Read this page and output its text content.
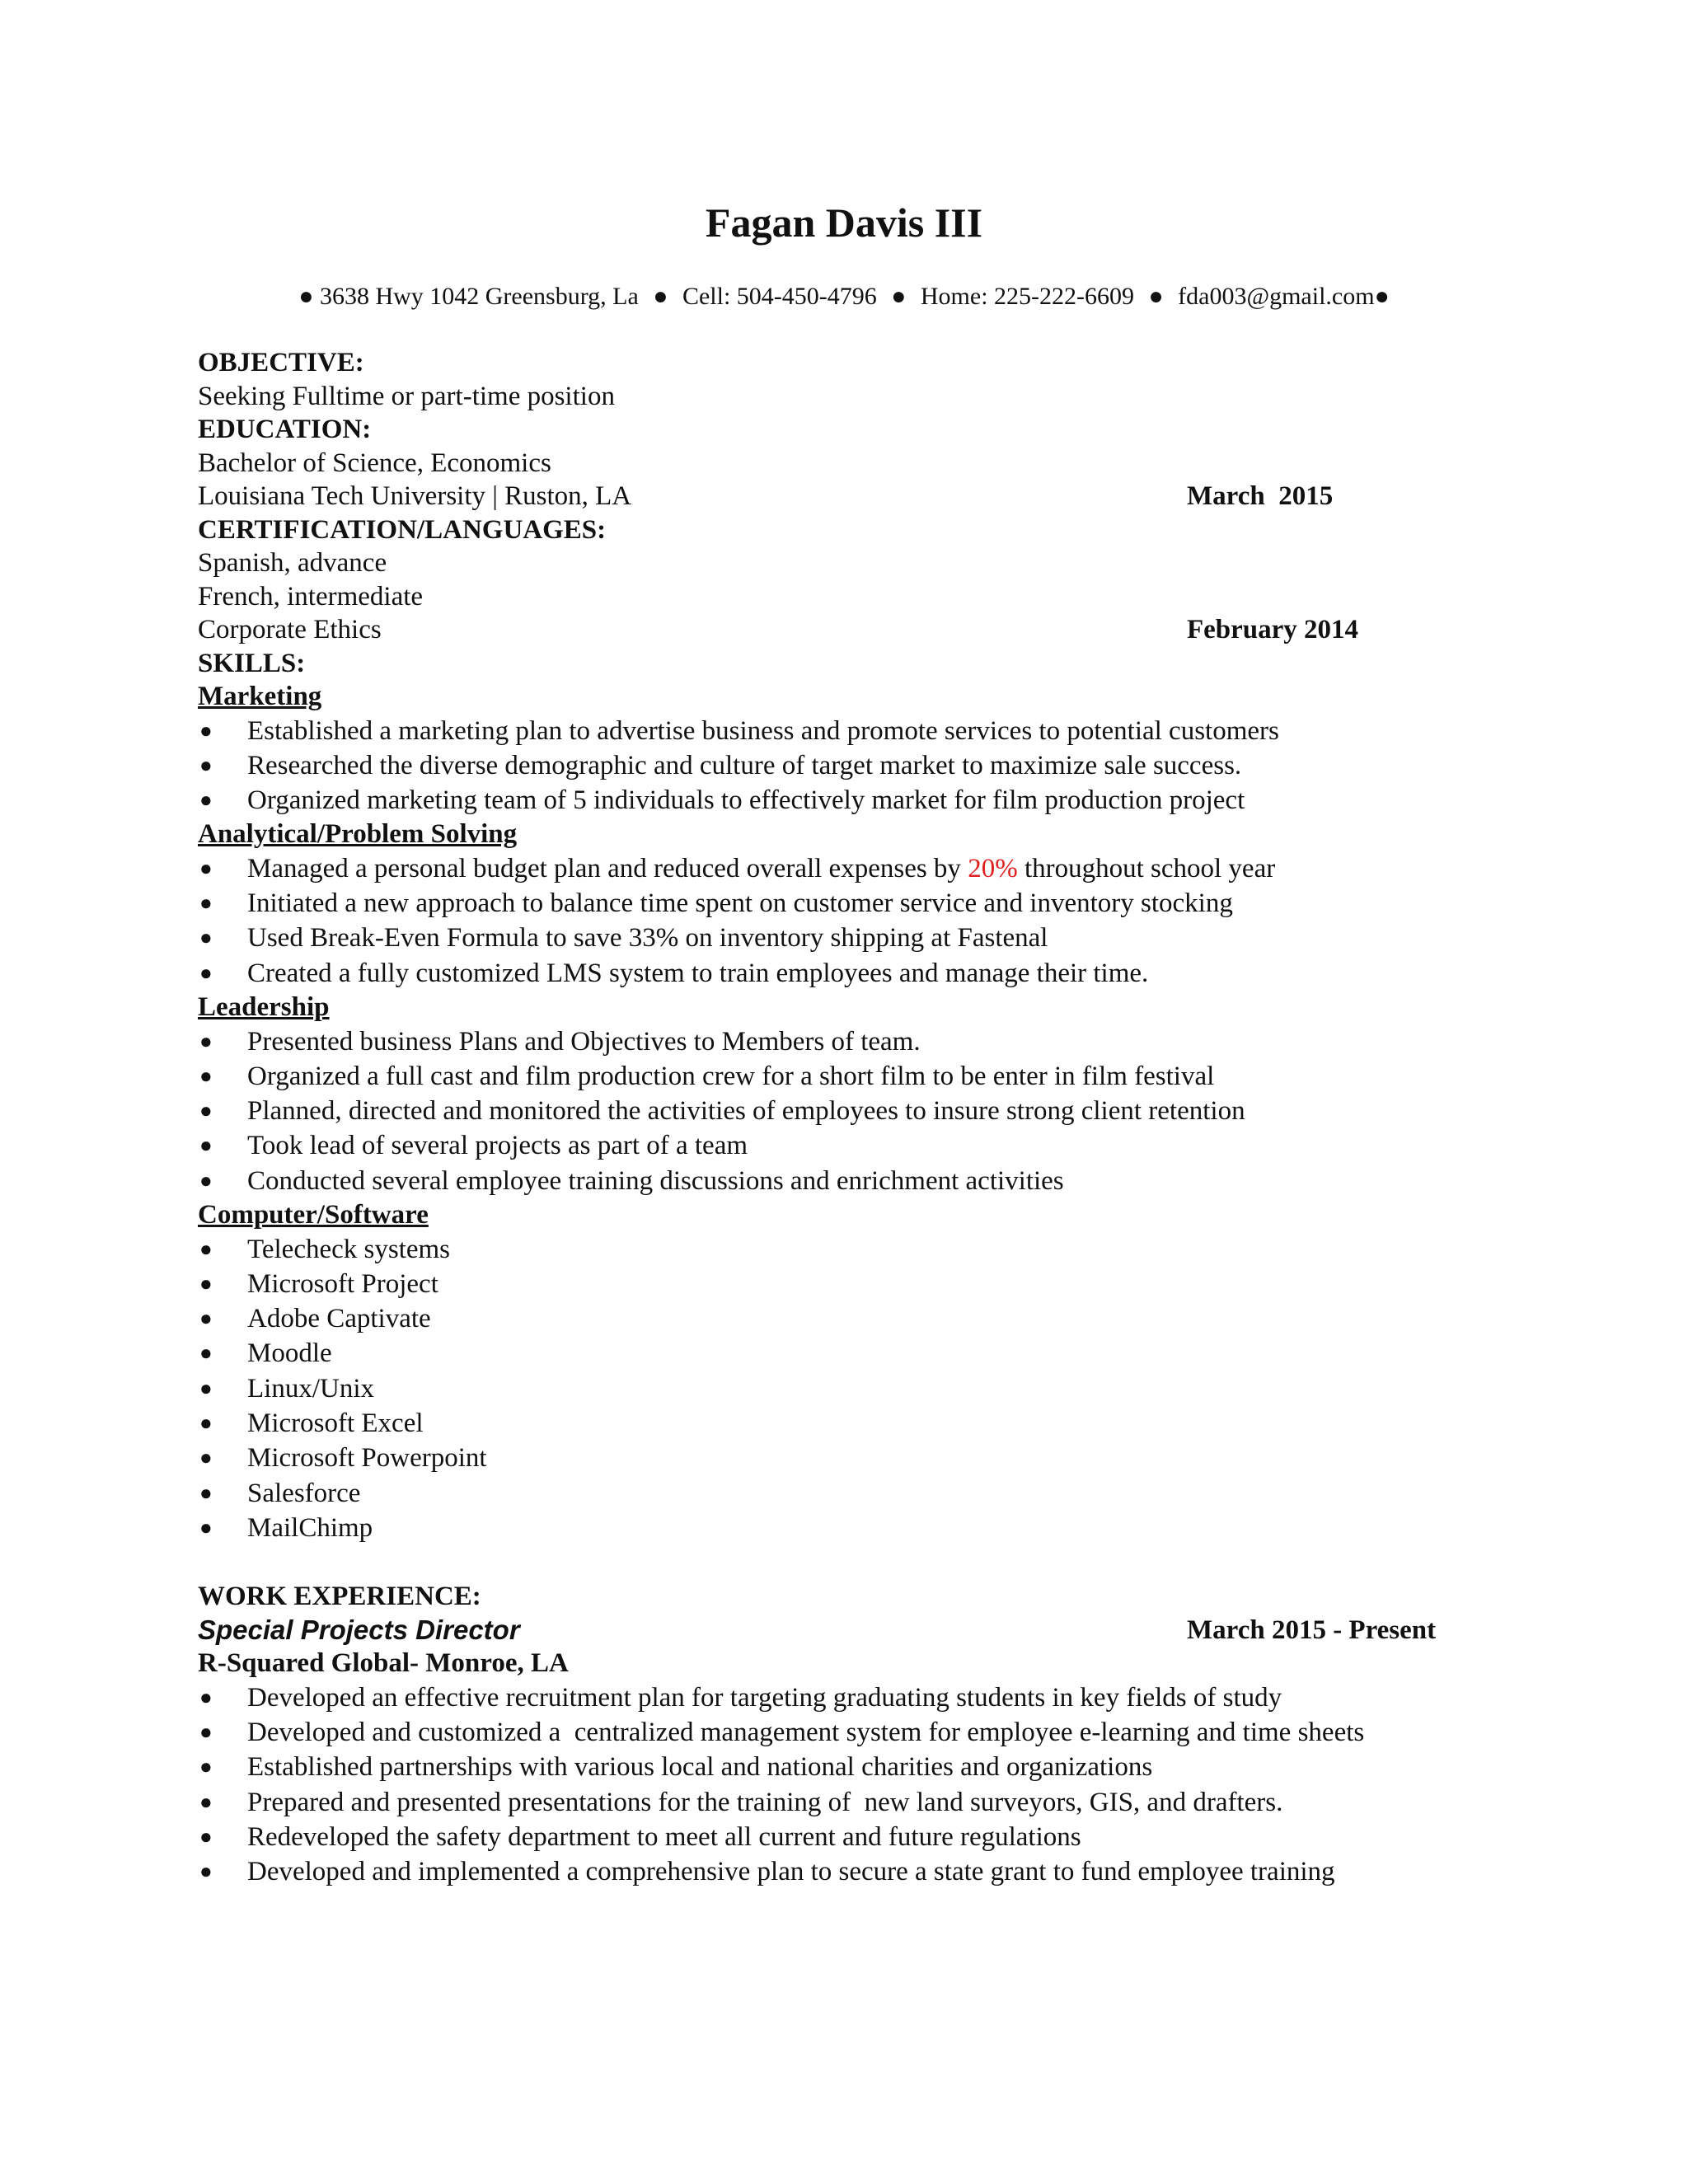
Fagan Davis III
● 3638 Hwy 1042 Greensburg, La ● Cell: 504-450-4796 ● Home: 225-222-6609 ● fda003@gmail.com●
OBJECTIVE:
Seeking Fulltime or part-time position
EDUCATION:
Bachelor of Science, Economics
Louisiana Tech University | Ruston, LA	March  2015
CERTIFICATION/LANGUAGES:
Spanish, advance
French, intermediate
Corporate Ethics	February 2014
SKILLS:
Marketing
● Established a marketing plan to advertise business and promote services to potential customers
● Researched the diverse demographic and culture of target market to maximize sale success.
● Organized marketing team of 5 individuals to effectively market for film production project
Analytical/Problem Solving
● Managed a personal budget plan and reduced overall expenses by 20% throughout school year
● Initiated a new approach to balance time spent on customer service and inventory stocking
● Used Break-Even Formula to save 33% on inventory shipping at Fastenal
● Created a fully customized LMS system to train employees and manage their time.
Leadership
● Presented business Plans and Objectives to Members of team.
● Organized a full cast and film production crew for a short film to be enter in film festival
● Planned, directed and monitored the activities of employees to insure strong client retention
● Took lead of several projects as part of a team
● Conducted several employee training discussions and enrichment activities
Computer/Software
● Telecheck systems
● Microsoft Project
● Adobe Captivate
● Moodle
● Linux/Unix
● Microsoft Excel
● Microsoft Powerpoint
● Salesforce
● MailChimp
WORK EXPERIENCE:
Special Projects Director	March 2015 - Present
R-Squared Global- Monroe, LA
● Developed an effective recruitment plan for targeting graduating students in key fields of study
● Developed and customized a  centralized management system for employee e-learning and time sheets
● Established partnerships with various local and national charities and organizations
● Prepared and presented presentations for the training of  new land surveyors, GIS, and drafters.
● Redeveloped the safety department to meet all current and future regulations
● Developed and implemented a comprehensive plan to secure a state grant to fund employee training
